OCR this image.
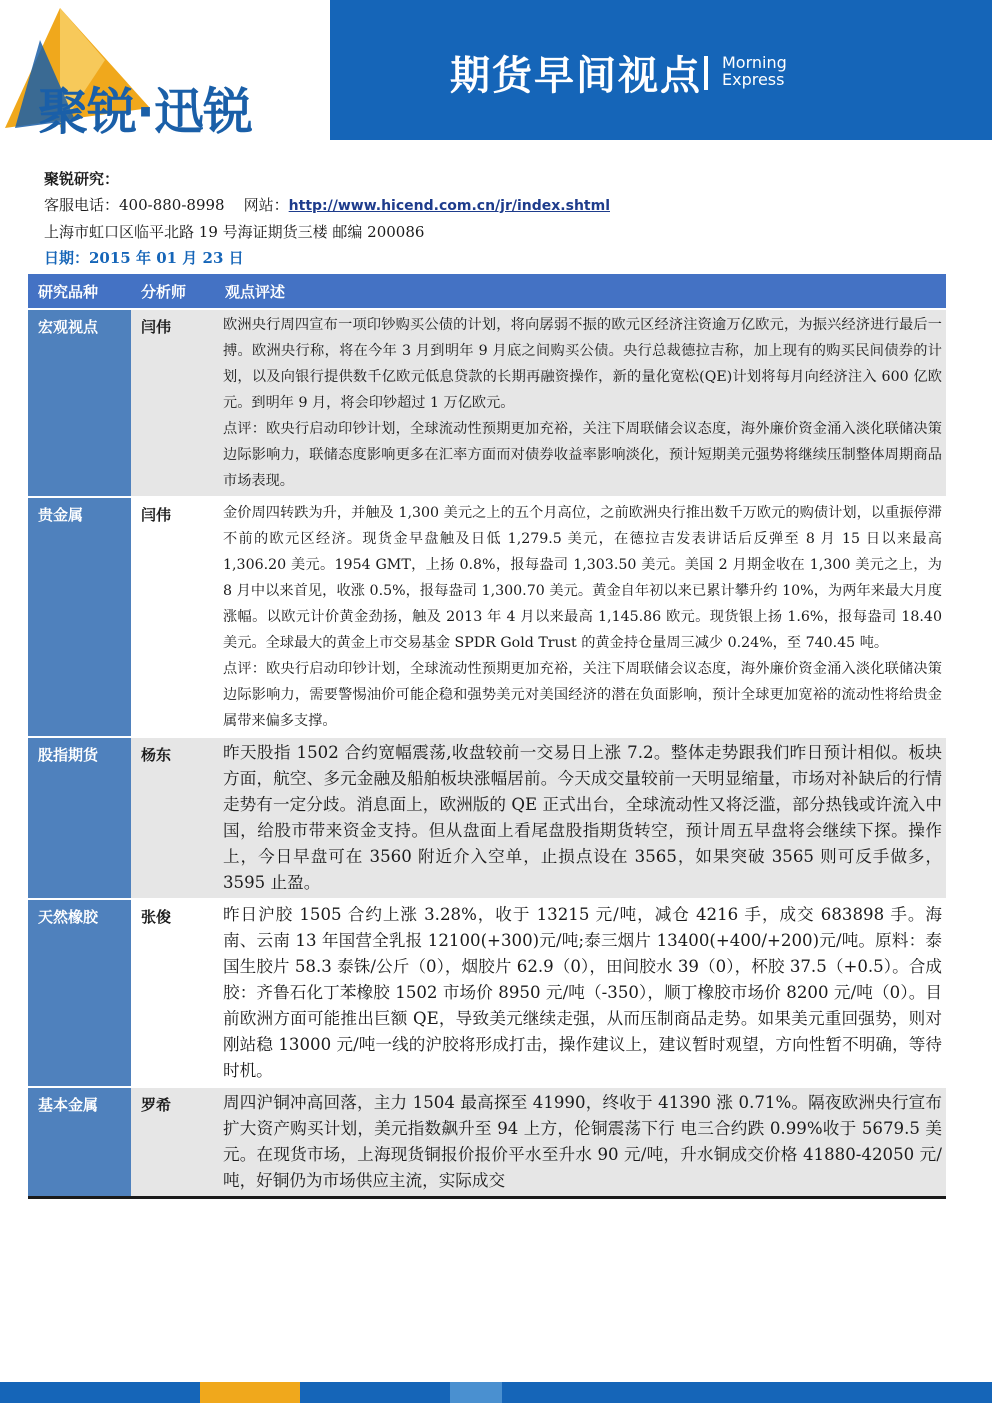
聚锐·迅锐
期货早间视点 Morning
Express
聚锐研究：
客服电话：400-880-8998 网站：http://www.hicend.com.cn/jr/index.shtml
上海市虹口区临平北路 19 号海证期货三楼 邮编 200086
日期：2015 年 01 月 23 日
研究品种	分析师	观点评述
宏观视点	闫伟	欧洲央行周四宣布一项印钞购买公债的计划，将向孱弱不振的欧元区经济注资逾万亿欧元，为振兴经济进行最后一搏。欧洲央行称，将在今年 3 月到明年 9 月底之间购买公债。央行总裁德拉吉称，加上现有的购买民间债券的计划，以及向银行提供数千亿欧元低息贷款的长期再融资操作，新的量化宽松(QE)计划将每月向经济注入 600 亿欧元。到明年 9 月，将会印钞超过 1 万亿欧元。

点评：欧央行启动印钞计划，全球流动性预期更加充裕，关注下周联储会议态度，海外廉价资金涌入淡化联储决策边际影响力，联储态度影响更多在汇率方面而对债券收益率影响淡化，预计短期美元强势将继续压制整体周期商品市场表现。

贵金属	闫伟	金价周四转跌为升，并触及 1,300 美元之上的五个月高位，之前欧洲央行推出数千万欧元的购债计划，以重振停滞不前的欧元区经济。现货金早盘触及日低 1,279.5 美元，在德拉吉发表讲话后反弹至 8 月 15 日以来最高 1,306.20 美元。1954 GMT，上扬 0.8%，报每盎司 1,303.50 美元。美国 2 月期金收在 1,300 美元之上，为 8 月中以来首见，收涨 0.5%，报每盎司 1,300.70 美元。黄金自年初以来已累计攀升约 10%，为两年来最大月度涨幅。以欧元计价黄金劲扬，触及 2013 年 4 月以来最高 1,145.86 欧元。现货银上扬 1.6%，报每盎司 18.40 美元。全球最大的黄金上市交易基金 SPDR Gold Trust 的黄金持仓量周三减少 0.24%，至 740.45 吨。

点评：欧央行启动印钞计划，全球流动性预期更加充裕，关注下周联储会议态度，海外廉价资金涌入淡化联储决策边际影响力，需要警惕油价可能企稳和强势美元对美国经济的潜在负面影响，预计全球更加宽裕的流动性将给贵金属带来偏多支撑。

股指期货	杨东	昨天股指 1502 合约宽幅震荡,收盘较前一交易日上涨 7.2。整体走势跟我们昨日预计相似。板块方面，航空、多元金融及船舶板块涨幅居前。今天成交量较前一天明显缩量，市场对补缺后的行情走势有一定分歧。消息面上，欧洲版的 QE 正式出台，全球流动性又将泛滥，部分热钱或许流入中国，给股市带来资金支持。但从盘面上看尾盘股指期货转空，预计周五早盘将会继续下探。操作上，今日早盘可在 3560 附近介入空单，止损点设在 3565，如果突破 3565 则可反手做多，3595 止盈。

天然橡胶	张俊	昨日沪胶 1505 合约上涨 3.28%，收于 13215 元/吨，减仓 4216 手，成交 683898 手。海南、云南 13 年国营全乳报 12100(+300)元/吨;泰三烟片 13400(+400/+200)元/吨。原料：泰国生胶片 58.3 泰铢/公斤（0），烟胶片 62.9（0），田间胶水 39（0），杯胶 37.5（+0.5）。合成胶：齐鲁石化丁苯橡胶 1502 市场价 8950 元/吨（-350），顺丁橡胶市场价 8200 元/吨（0）。目前欧洲方面可能推出巨额 QE，导致美元继续走强，从而压制商品走势。如果美元重回强势，则对刚站稳 13000 元/吨一线的沪胶将形成打击，操作建议上，建议暂时观望，方向性暂不明确，等待时机。

基本金属	罗希	周四沪铜冲高回落，主力 1504 最高探至 41990，终收于 41390 涨 0.71%。隔夜欧洲央行宣布扩大资产购买计划，美元指数飙升至 94 上方，伦铜震荡下行 电三合约跌 0.99%收于 5679.5 美元。在现货市场，上海现货铜报价报价平水至升水 90 元/吨，升水铜成交价格 41880-42050 元/吨，好铜仍为市场供应主流，实际成交
